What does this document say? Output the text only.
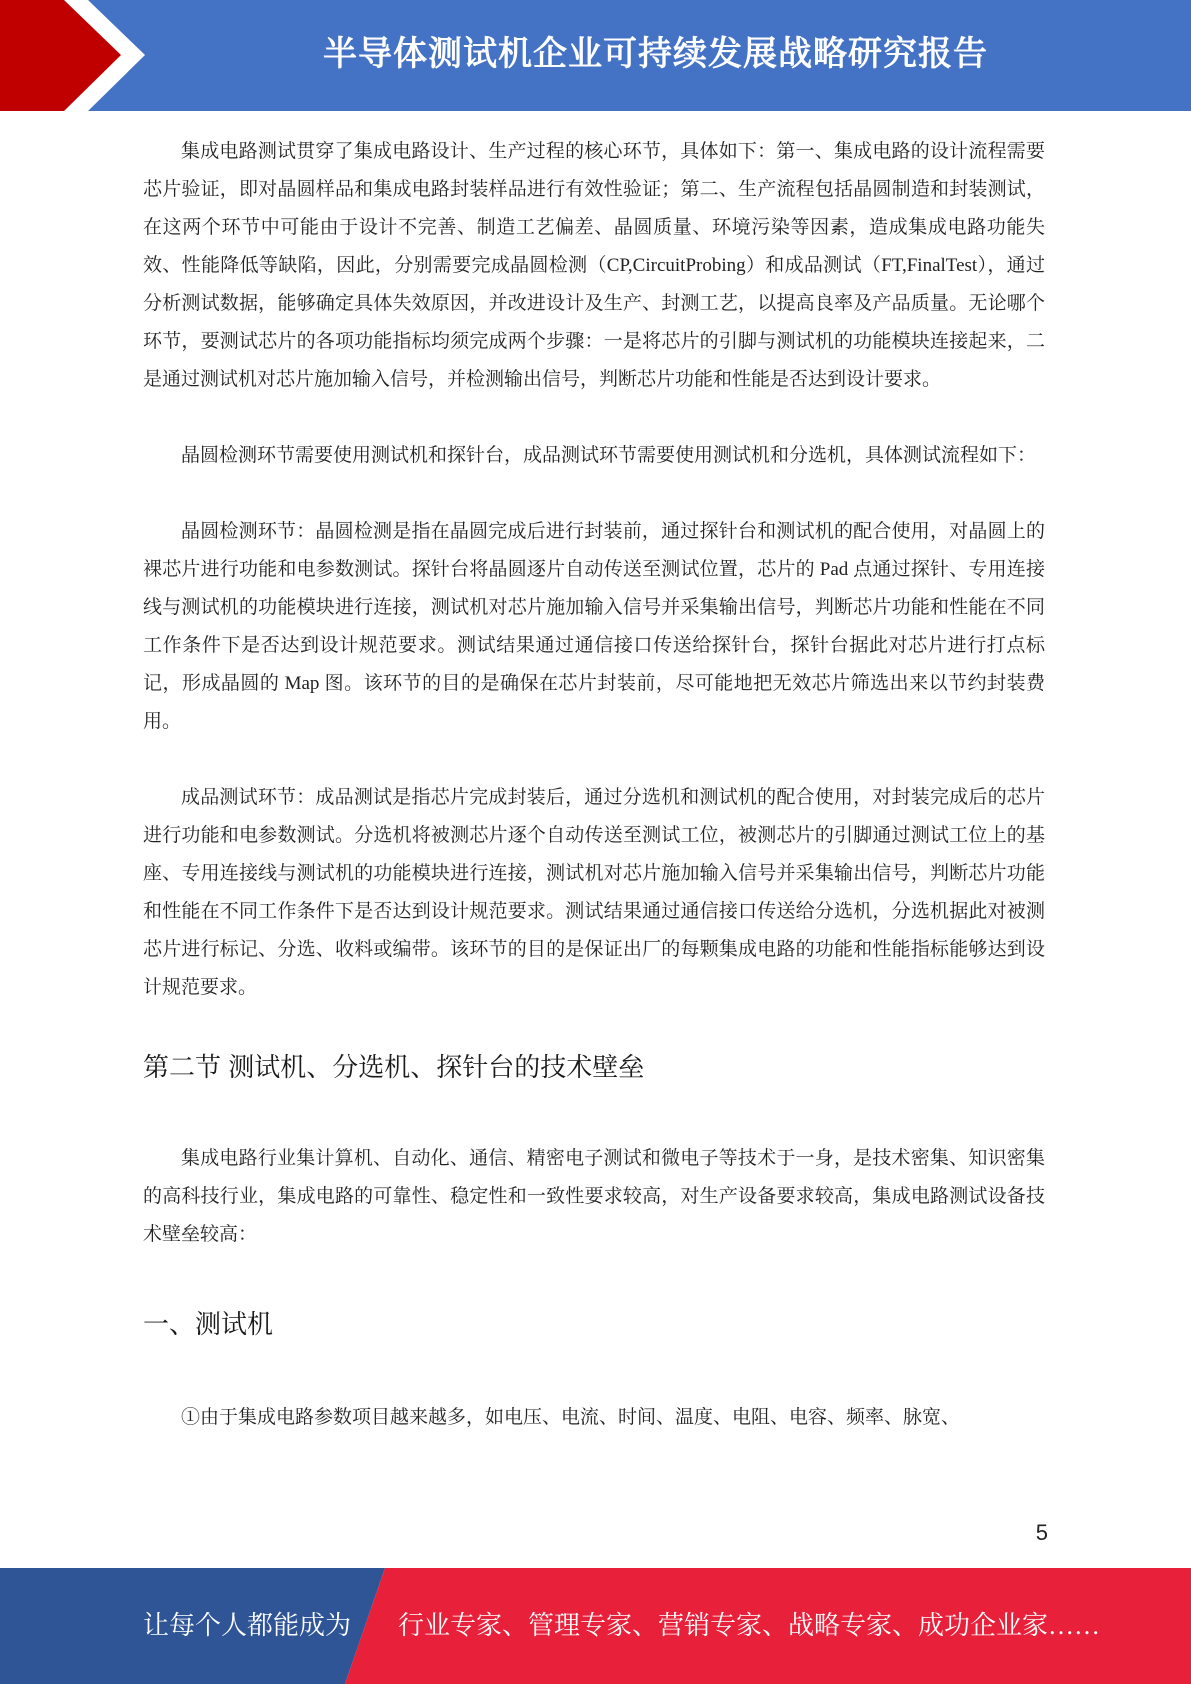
半导体测试机企业可持续发展战略研究报告

集成电路测试贯穿了集成电路设计、生产过程的核心环节，具体如下：第一、集成电路的设计流程需要芯片验证，即对晶圆样品和集成电路封装样品进行有效性验证；第二、生产流程包括晶圆制造和封装测试，在这两个环节中可能由于设计不完善、制造工艺偏差、晶圆质量、环境污染等因素，造成集成电路功能失效、性能降低等缺陷，因此，分别需要完成晶圆检测（CP,CircuitProbing）和成品测试（FT,FinalTest），通过分析测试数据，能够确定具体失效原因，并改进设计及生产、封测工艺，以提高良率及产品质量。无论哪个环节，要测试芯片的各项功能指标均须完成两个步骤：一是将芯片的引脚与测试机的功能模块连接起来，二是通过测试机对芯片施加输入信号，并检测输出信号，判断芯片功能和性能是否达到设计要求。

晶圆检测环节需要使用测试机和探针台，成品测试环节需要使用测试机和分选机，具体测试流程如下：

晶圆检测环节：晶圆检测是指在晶圆完成后进行封装前，通过探针台和测试机的配合使用，对晶圆上的裸芯片进行功能和电参数测试。探针台将晶圆逐片自动传送至测试位置，芯片的 Pad 点通过探针、专用连接线与测试机的功能模块进行连接，测试机对芯片施加输入信号并采集输出信号，判断芯片功能和性能在不同工作条件下是否达到设计规范要求。测试结果通过通信接口传送给探针台，探针台据此对芯片进行打点标记，形成晶圆的 Map 图。该环节的目的是确保在芯片封装前，尽可能地把无效芯片筛选出来以节约封装费用。

成品测试环节：成品测试是指芯片完成封装后，通过分选机和测试机的配合使用，对封装完成后的芯片进行功能和电参数测试。分选机将被测芯片逐个自动传送至测试工位，被测芯片的引脚通过测试工位上的基座、专用连接线与测试机的功能模块进行连接，测试机对芯片施加输入信号并采集输出信号，判断芯片功能和性能在不同工作条件下是否达到设计规范要求。测试结果通过通信接口传送给分选机，分选机据此对被测芯片进行标记、分选、收料或编带。该环节的目的是保证出厂的每颗集成电路的功能和性能指标能够达到设计规范要求。

第二节 测试机、分选机、探针台的技术壁垒

集成电路行业集计算机、自动化、通信、精密电子测试和微电子等技术于一身，是技术密集、知识密集的高科技行业，集成电路的可靠性、稳定性和一致性要求较高，对生产设备要求较高，集成电路测试设备技术壁垒较高：

一、测试机

①由于集成电路参数项目越来越多，如电压、电流、时间、温度、电阻、电容、频率、脉宽、

5
让每个人都能成为 行业专家、管理专家、营销专家、战略专家、成功企业家……
